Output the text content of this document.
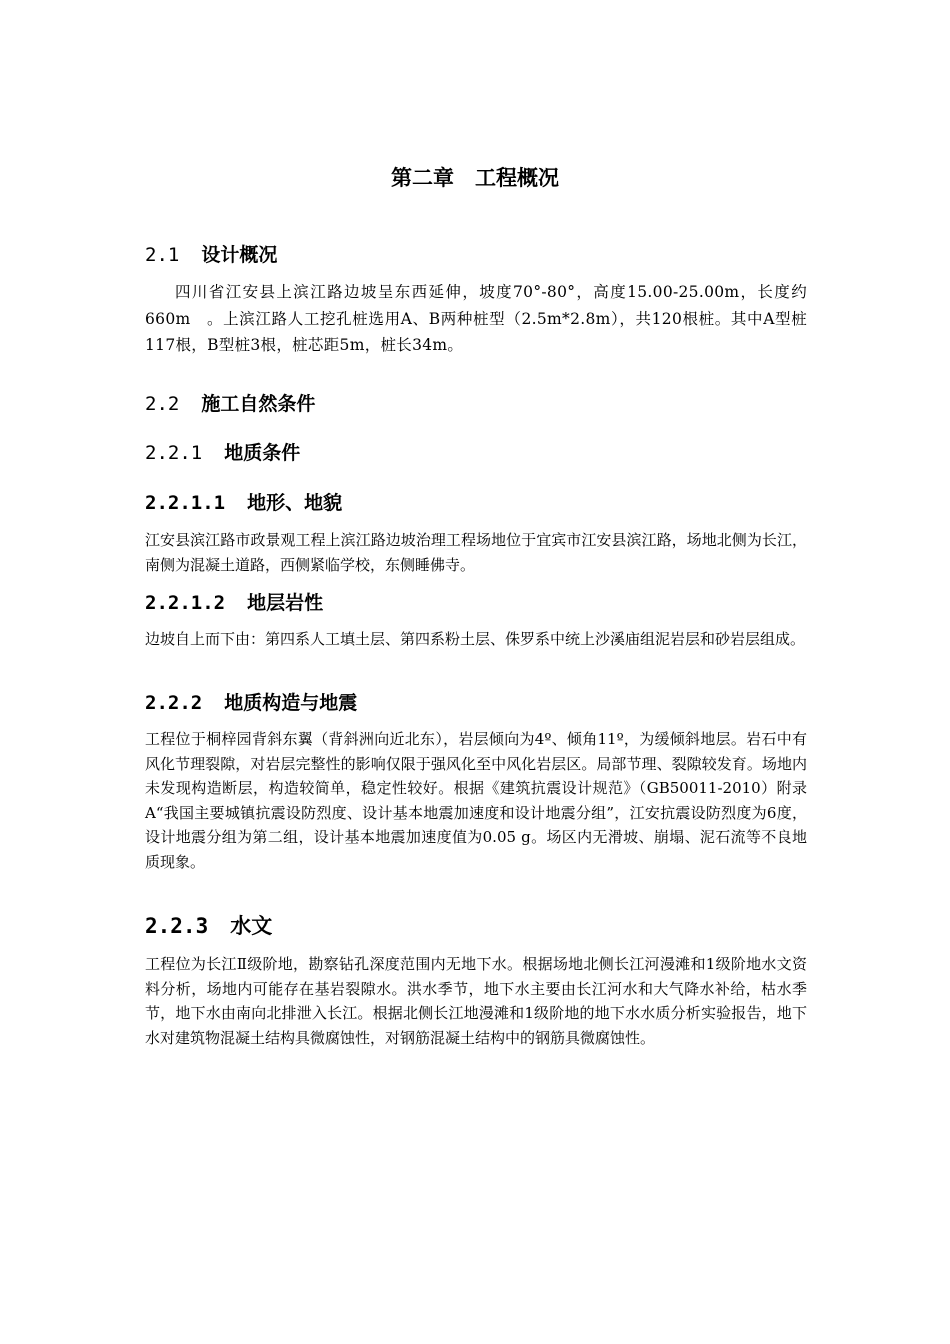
第二章　工程概况
2.1 设计概况

四川省江安县上滨江路边坡呈东西延伸，坡度70°-80°，高度15.00-25.00m，长度约660m　。上滨江路人工挖孔桩选用A、B两种桩型（2.5m*2.8m），共120根桩。其中A型桩117根，B型桩3根，桩芯距5m，桩长34m。

2.2 施工自然条件
2.2.1 地质条件
2.2.1.1 地形、地貌

江安县滨江路市政景观工程上滨江路边坡治理工程场地位于宜宾市江安县滨江路，场地北侧为长江，南侧为混凝土道路，西侧紧临学校，东侧睡佛寺。

2.2.1.2 地层岩性

边坡自上而下由：第四系人工填土层、第四系粉土层、侏罗系中统上沙溪庙组泥岩层和砂岩层组成。

2.2.2 地质构造与地震

工程位于桐梓园背斜东翼（背斜洲向近北东），岩层倾向为4º、倾角11º，为缓倾斜地层。岩石中有风化节理裂隙，对岩层完整性的影响仅限于强风化至中风化岩层区。局部节理、裂隙较发育。场地内未发现构造断层，构造较简单，稳定性较好。根据《建筑抗震设计规范》（GB50011-2010）附录A“我国主要城镇抗震设防烈度、设计基本地震加速度和设计地震分组”，江安抗震设防烈度为6度，设计地震分组为第二组，设计基本地震加速度值为0.05 g。场区内无滑坡、崩塌、泥石流等不良地质现象。

2.2.3 水文

工程位为长江Ⅱ级阶地，勘察钻孔深度范围内无地下水。根据场地北侧长江河漫滩和1级阶地水文资料分析，场地内可能存在基岩裂隙水。洪水季节，地下水主要由长江河水和大气降水补给，枯水季节，地下水由南向北排泄入长江。根据北侧长江地漫滩和1级阶地的地下水水质分析实验报告，地下水对建筑物混凝土结构具微腐蚀性，对钢筋混凝土结构中的钢筋具微腐蚀性。
